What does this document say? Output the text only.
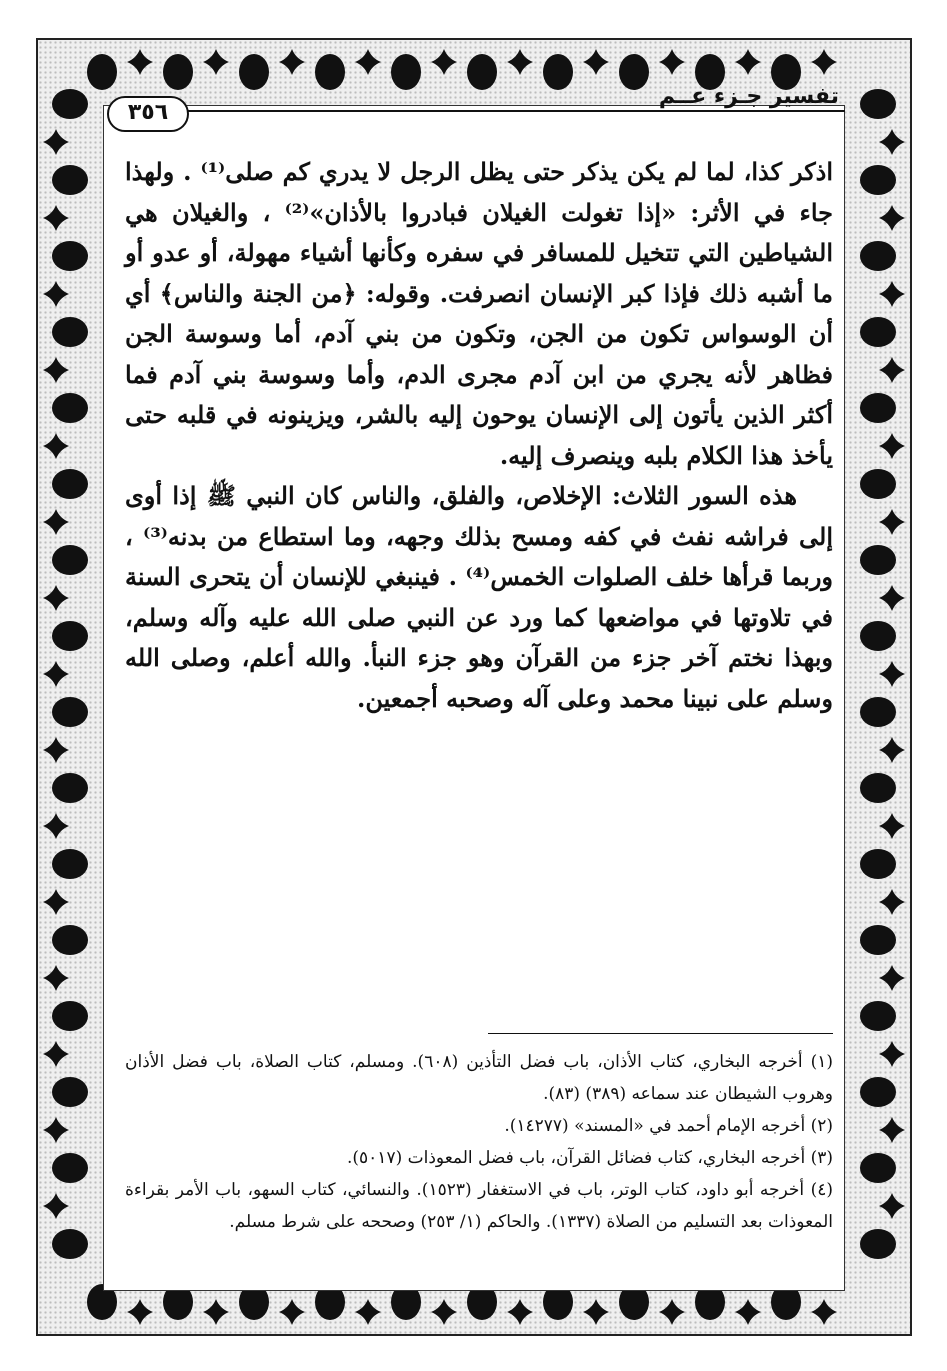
تفسير جـزء عــم
٣٥٦

اذكر كذا، لما لم يكن يذكر حتى يظل الرجل لا يدري كم صلى⁽¹⁾ . ولهذا جاء في الأثر: «إذا تغولت الغيلان فبادروا بالأذان»⁽²⁾ ، والغيلان هي الشياطين التي تتخيل للمسافر في سفره وكأنها أشياء مهولة، أو عدو أو ما أشبه ذلك فإذا كبر الإنسان انصرفت. وقوله: ﴿من الجنة والناس﴾ أي أن الوسواس تكون من الجن، وتكون من بني آدم، أما وسوسة الجن فظاهر لأنه يجري من ابن آدم مجرى الدم، وأما وسوسة بني آدم فما أكثر الذين يأتون إلى الإنسان يوحون إليه بالشر، ويزينونه في قلبه حتى يأخذ هذا الكلام بلبه وينصرف إليه.

هذه السور الثلاث: الإخلاص، والفلق، والناس كان النبي ﷺ إذا أوى إلى فراشه نفث في كفه ومسح بذلك وجهه، وما استطاع من بدنه⁽³⁾ ، وربما قرأها خلف الصلوات الخمس⁽⁴⁾ . فينبغي للإنسان أن يتحرى السنة في تلاوتها في مواضعها كما ورد عن النبي صلى الله عليه وآله وسلم، وبهذا نختم آخر جزء من القرآن وهو جزء النبأ. والله أعلم، وصلى الله وسلم على نبينا محمد وعلى آله وصحبه أجمعين.

(١) أخرجه البخاري، كتاب الأذان، باب فضل التأذين (٦٠٨). ومسلم، كتاب الصلاة، باب فضل الأذان وهروب الشيطان عند سماعه (٣٨٩) (٨٣).

(٢) أخرجه الإمام أحمد في «المسند» (١٤٢٧٧).

(٣) أخرجه البخاري، كتاب فضائل القرآن، باب فضل المعوذات (٥٠١٧).

(٤) أخرجه أبو داود، كتاب الوتر، باب في الاستغفار (١٥٢٣). والنسائي، كتاب السهو، باب الأمر بقراءة المعوذات بعد التسليم من الصلاة (١٣٣٧). والحاكم (١/ ٢٥٣) وصححه على شرط مسلم.
